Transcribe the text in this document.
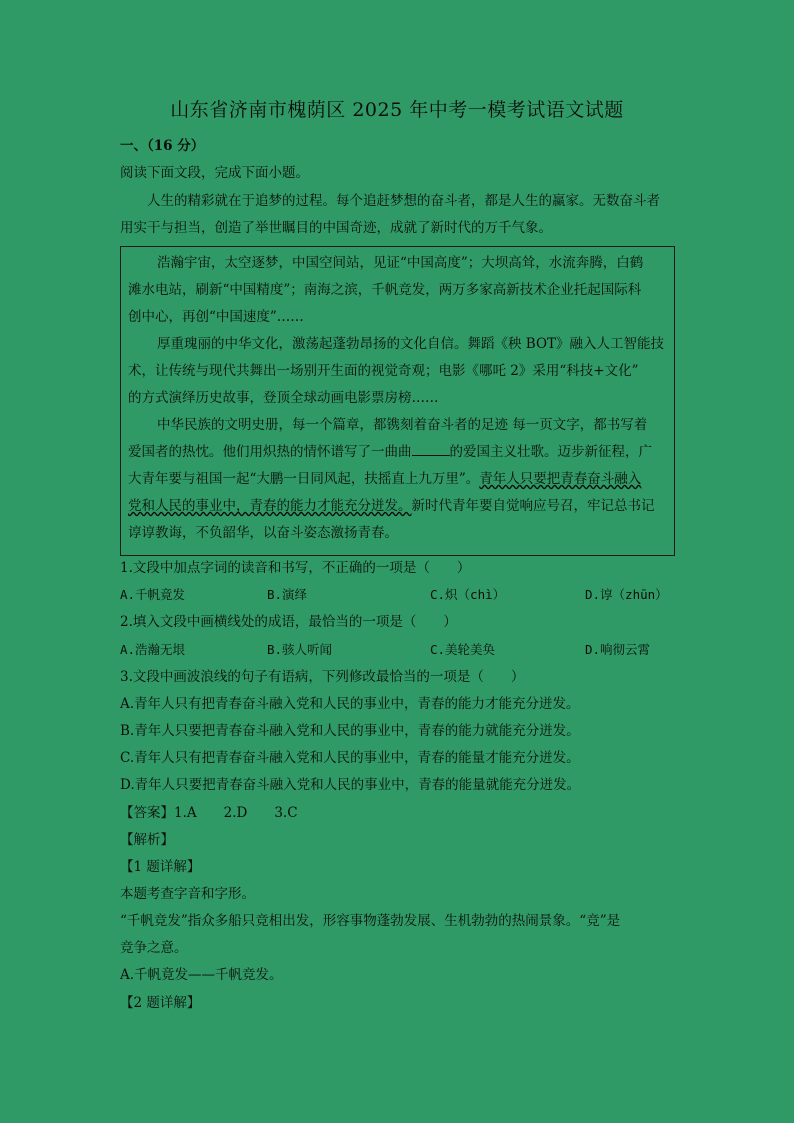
山东省济南市槐荫区 2025 年中考一模考试语文试题
一、（16 分）
阅读下面文段，完成下面小题。
人生的精彩就在于追梦的过程。每个追赶梦想的奋斗者，都是人生的赢家。无数奋斗者
用实干与担当，创造了举世瞩目的中国奇迹，成就了新时代的万千气象。
浩瀚宇宙，太空逐梦，中国空间站，见证“中国高度”；大坝高耸，水流奔腾，白鹤
滩水电站，刷新“中国精度”；南海之滨，千帆竞发，两万多家高新技术企业托起国际科
创中心，再创“中国速度”……
厚重瑰丽的中华文化，激荡起蓬勃昂扬的文化自信。舞蹈《秧 BOT》融入人工智能技
术，让传统与现代共舞出一场别开生面的视觉奇观；电影《哪吒 2》采用“科技+文化”
的方式演绎历史故事，登顶全球动画电影票房榜……
中华民族的文明史册，每一个篇章，都镌刻着奋斗者的足迹 每一页文字，都书写着
爱国者的热忱。他们用炽热的情怀谱写了一曲曲	的爱国主义壮歌。迈步新征程，广
大青年要与祖国一起“大鹏一日同风起，扶摇直上九万里”。青年人只要把青春奋斗融入
党和人民的事业中，青春的能力才能充分迸发。新时代青年要自觉响应号召，牢记总书记
谆谆教诲，不负韶华，以奋斗姿态激扬青春。
1.文段中加点字词的读音和书写，不正确的一项是（　　）
A.千帆竟发	B.演绎	C.炽（chì）	D.谆（zhūn）
2.填入文段中画横线处的成语，最恰当的一项是（　　）
A.浩瀚无垠	B.骇人听闻	C.美轮美奂	D.响彻云霄
3.文段中画波浪线的句子有语病，下列修改最恰当的一项是（　　）
A.青年人只有把青春奋斗融入党和人民的事业中，青春的能力才能充分迸发。
B.青年人只要把青春奋斗融入党和人民的事业中，青春的能力就能充分迸发。
C.青年人只有把青春奋斗融入党和人民的事业中，青春的能量才能充分迸发。
D.青年人只要把青春奋斗融入党和人民的事业中，青春的能量就能充分迸发。
【答案】1.A　　2.D　　3.C
【解析】
【1 题详解】
本题考查字音和字形。
“千帆竞发”指众多船只竞相出发，形容事物蓬勃发展、生机勃勃的热闹景象。“竞”是
竞争之意。
A.千帆竟发——千帆竞发。
【2 题详解】
